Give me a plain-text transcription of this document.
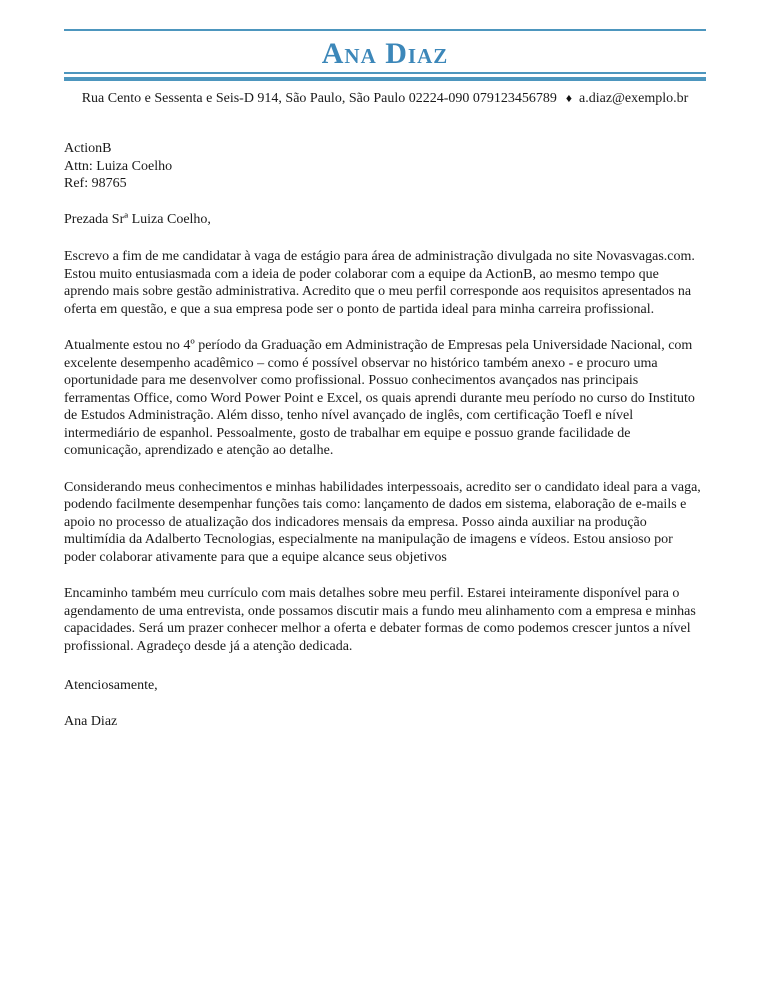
Ana Diaz

Rua Cento e Sessenta e Seis-D 914, São Paulo, São Paulo 02224-090 079123456789 ♦ a.diaz@exemplo.br

ActionB

Attn: Luiza Coelho

Ref: 98765

Prezada Srª Luiza Coelho,

Escrevo a fim de me candidatar à vaga de estágio para área de administração divulgada no site Novasvagas.com. Estou muito entusiasmada com a ideia de poder colaborar com a equipe da ActionB, ao mesmo tempo que aprendo mais sobre gestão administrativa. Acredito que o meu perfil corresponde aos requisitos apresentados na oferta em questão, e que a sua empresa pode ser o ponto de partida ideal para minha carreira profissional.

Atualmente estou no 4º período da Graduação em Administração de Empresas pela Universidade Nacional, com excelente desempenho acadêmico – como é possível observar no histórico também anexo - e procuro uma oportunidade para me desenvolver como profissional. Possuo conhecimentos avançados nas principais ferramentas Office, como Word Power Point e Excel, os quais aprendi durante meu período no curso do Instituto de Estudos Administração. Além disso, tenho nível avançado de inglês, com certificação Toefl e nível intermediário de espanhol. Pessoalmente, gosto de trabalhar em equipe e possuo grande facilidade de comunicação, aprendizado e atenção ao detalhe.

Considerando meus conhecimentos e minhas habilidades interpessoais, acredito ser o candidato ideal para a vaga, podendo facilmente desempenhar funções tais como: lançamento de dados em sistema, elaboração de e-mails e apoio no processo de atualização dos indicadores mensais da empresa. Posso ainda auxiliar na produção multimídia da Adalberto Tecnologias, especialmente na manipulação de imagens e vídeos. Estou ansioso por poder colaborar ativamente para que a equipe alcance seus objetivos

Encaminho também meu currículo com mais detalhes sobre meu perfil. Estarei inteiramente disponível para o agendamento de uma entrevista, onde possamos discutir mais a fundo meu alinhamento com a empresa e minhas capacidades. Será um prazer conhecer melhor a oferta e debater formas de como podemos crescer juntos a nível profissional. Agradeço desde já a atenção dedicada.

Atenciosamente,

Ana Diaz
